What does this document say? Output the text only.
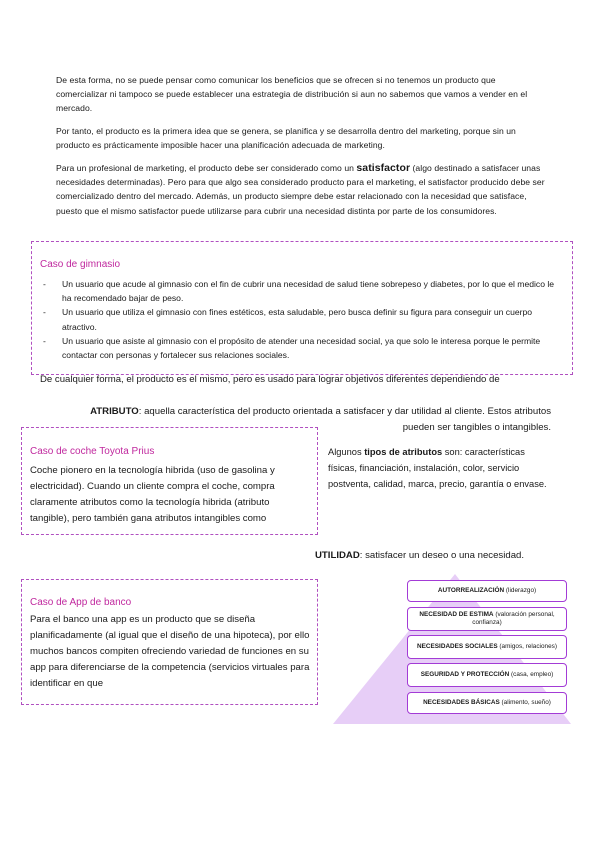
De esta forma, no se puede pensar como comunicar los beneficios que se ofrecen si no tenemos un producto que comercializar ni tampoco se puede establecer una estrategia de distribución si aun no sabemos que vamos a vender en el mercado.
Por tanto, el producto es la primera idea que se genera, se planifica y se desarrolla dentro del marketing, porque sin un producto es prácticamente imposible hacer una planificación adecuada de marketing.
Para un profesional de marketing, el producto debe ser considerado como un satisfactor (algo destinado a satisfacer unas necesidades determinadas). Pero para que algo sea considerado producto para el marketing, el satisfactor producido debe ser comercializado dentro del mercado. Además, un producto siempre debe estar relacionado con la necesidad que satisface, puesto que el mismo satisfactor puede utilizarse para cubrir una necesidad distinta por parte de los consumidores.
Caso de gimnasio
- Un usuario que acude al gimnasio con el fin de cubrir una necesidad de salud tiene sobrepeso y diabetes, por lo que el medico le ha recomendado bajar de peso.
- Un usuario que utiliza el gimnasio con fines estéticos, esta saludable, pero busca definir su figura para conseguir un cuerpo atractivo.
- Un usuario que asiste al gimnasio con el propósito de atender una necesidad social, ya que solo le interesa porque le permite contactar con personas y fortalecer sus relaciones sociales.
De cualquier forma, el producto es el mismo, pero es usado para lograr objetivos diferentes dependiendo de
ATRIBUTO: aquella característica del producto orientada a satisfacer y dar utilidad al cliente. Estos atributos pueden ser tangibles o intangibles.
Caso de coche Toyota Prius
Coche pionero en la tecnología hibrida (uso de gasolina y electricidad). Cuando un cliente compra el coche, compra claramente atributos como la tecnología hibrida (atributo tangible), pero también gana atributos intangibles como
Algunos tipos de atributos son: características físicas, financiación, instalación, color, servicio postventa, calidad, marca, precio, garantía o envase.
UTILIDAD: satisfacer un deseo o una necesidad.
Caso de App de banco
Para el banco una app es un producto que se diseña planificadamente (al igual que el diseño de una hipoteca), por ello muchos bancos compiten ofreciendo variedad de funciones en su app para diferenciarse de la competencia (servicios virtuales para identificar en que
AUTORREALIZACIÓN (liderazgo)
NECESIDAD DE ESTIMA (valoración personal, confianza)
NECESIDADES SOCIALES (amigos, relaciones)
SEGURIDAD Y PROTECCIÓN (casa, empleo)
NECESIDADES BÁSICAS (alimento, sueño)
